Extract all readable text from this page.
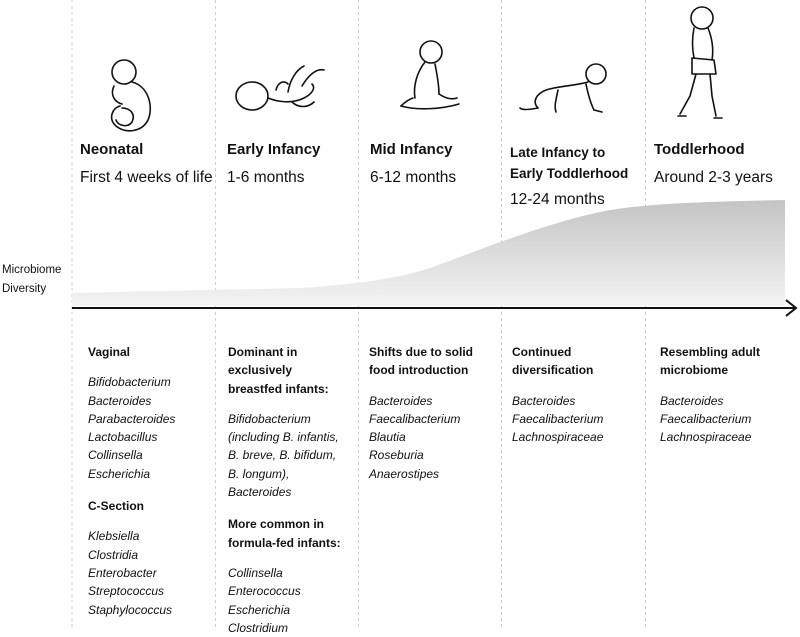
Neonatal
First 4 weeks of life
Early Infancy
1-6 months
Mid Infancy
6-12 months
Late Infancy to
Early Toddlerhood
12-24 months
Toddlerhood
Around 2-3 years
Microbiome
Diversity
Vaginal
Bifidobacterium
Bacteroides
Parabacteroides
Lactobacillus
Collinsella
Escherichia
C-Section
Klebsiella
Clostridia
Enterobacter
Streptococcus
Staphylococcus
Dominant in
exclusively
breastfed infants:
Bifidobacterium
(including B. infantis,
B. breve, B. bifidum,
B. longum),
Bacteroides
More common in
formula-fed infants:
Collinsella
Enterococcus
Escherichia
Clostridium
Shifts due to solid
food introduction
Bacteroides
Faecalibacterium
Blautia
Roseburia
Anaerostipes
Continued
diversification
Bacteroides
Faecalibacterium
Lachnospiraceae
Resembling adult
microbiome
Bacteroides
Faecalibacterium
Lachnospiraceae
